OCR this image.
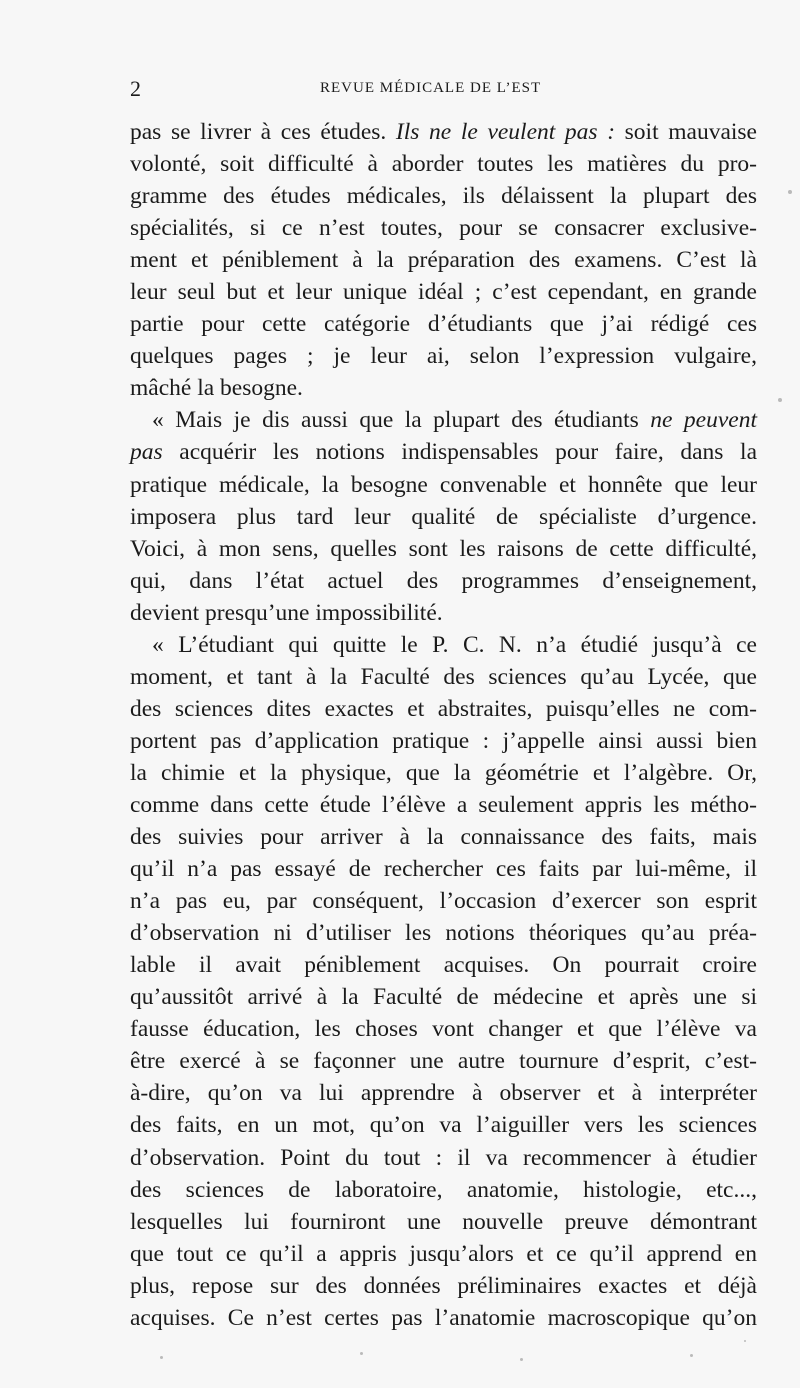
2	REVUE MÉDICALE DE L’EST
pas se livrer à ces études. Ils ne le veulent pas : soit mauvaise
volonté, soit difficulté à aborder toutes les matières du pro-
gramme des études médicales, ils délaissent la plupart des
spécialités, si ce n’est toutes, pour se consacrer exclusive-
ment et péniblement à la préparation des examens. C’est là
leur seul but et leur unique idéal ; c’est cependant, en grande
partie pour cette catégorie d’étudiants que j’ai rédigé ces
quelques pages ; je leur ai, selon l’expression vulgaire,
mâché la besogne.
« Mais je dis aussi que la plupart des étudiants ne peuvent
pas acquérir les notions indispensables pour faire, dans la
pratique médicale, la besogne convenable et honnête que leur
imposera plus tard leur qualité de spécialiste d’urgence.
Voici, à mon sens, quelles sont les raisons de cette difficulté,
qui, dans l’état actuel des programmes d’enseignement,
devient presqu’une impossibilité.
« L’étudiant qui quitte le P. C. N. n’a étudié jusqu’à ce
moment, et tant à la Faculté des sciences qu’au Lycée, que
des sciences dites exactes et abstraites, puisqu’elles ne com-
portent pas d’application pratique : j’appelle ainsi aussi bien
la chimie et la physique, que la géométrie et l’algèbre. Or,
comme dans cette étude l’élève a seulement appris les métho-
des suivies pour arriver à la connaissance des faits, mais
qu’il n’a pas essayé de rechercher ces faits par lui-même, il
n’a pas eu, par conséquent, l’occasion d’exercer son esprit
d’observation ni d’utiliser les notions théoriques qu’au préa-
lable il avait péniblement acquises. On pourrait croire
qu’aussitôt arrivé à la Faculté de médecine et après une si
fausse éducation, les choses vont changer et que l’élève va
être exercé à se façonner une autre tournure d’esprit, c’est-
à-dire, qu’on va lui apprendre à observer et à interpréter
des faits, en un mot, qu’on va l’aiguiller vers les sciences
d’observation. Point du tout : il va recommencer à étudier
des sciences de laboratoire, anatomie, histologie, etc...,
lesquelles lui fourniront une nouvelle preuve démontrant
que tout ce qu’il a appris jusqu’alors et ce qu’il apprend en
plus, repose sur des données préliminaires exactes et déjà
acquises. Ce n’est certes pas l’anatomie macroscopique qu’on
